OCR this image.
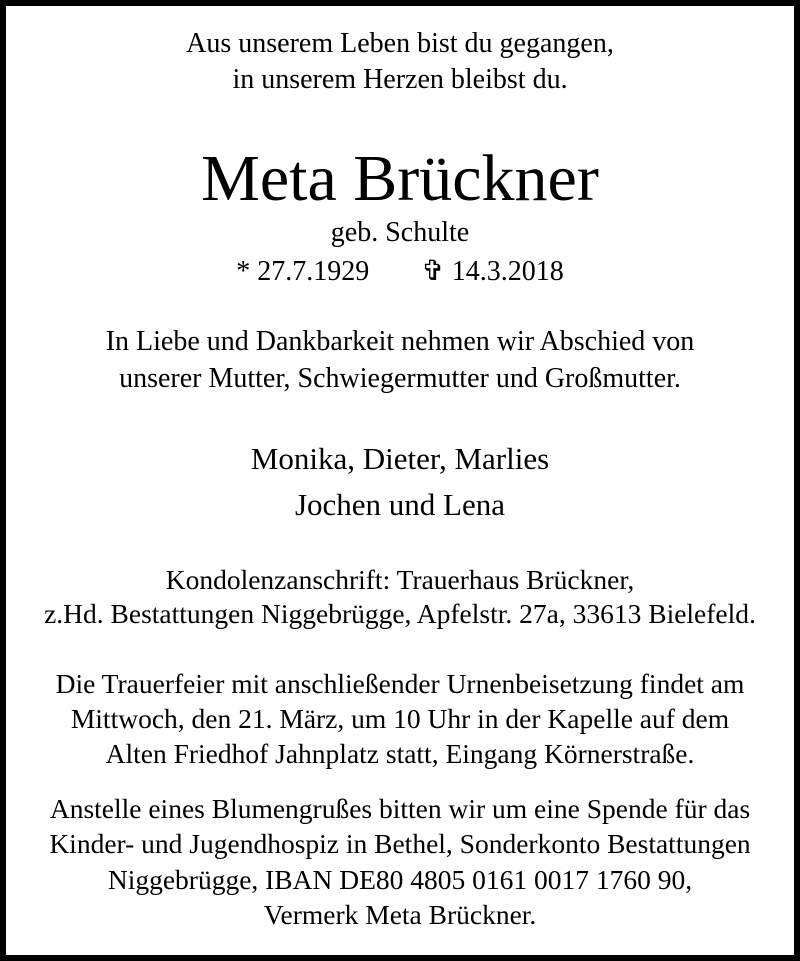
Aus unserem Leben bist du gegangen,
in unserem Herzen bleibst du.
Meta Brückner
geb. Schulte
* 27.7.1929 ✞ 14.3.2018
In Liebe und Dankbarkeit nehmen wir Abschied von
unserer Mutter, Schwiegermutter und Großmutter.
Monika, Dieter, Marlies
Jochen und Lena
Kondolenzanschrift: Trauerhaus Brückner,
z.Hd. Bestattungen Niggebrügge, Apfelstr. 27a, 33613 Bielefeld.
Die Trauerfeier mit anschließender Urnenbeisetzung findet am
Mittwoch, den 21. März, um 10 Uhr in der Kapelle auf dem
Alten Friedhof Jahnplatz statt, Eingang Körnerstraße.
Anstelle eines Blumengrußes bitten wir um eine Spende für das
Kinder- und Jugendhospiz in Bethel, Sonderkonto Bestattungen
Niggebrügge, IBAN DE80 4805 0161 0017 1760 90,
Vermerk Meta Brückner.
